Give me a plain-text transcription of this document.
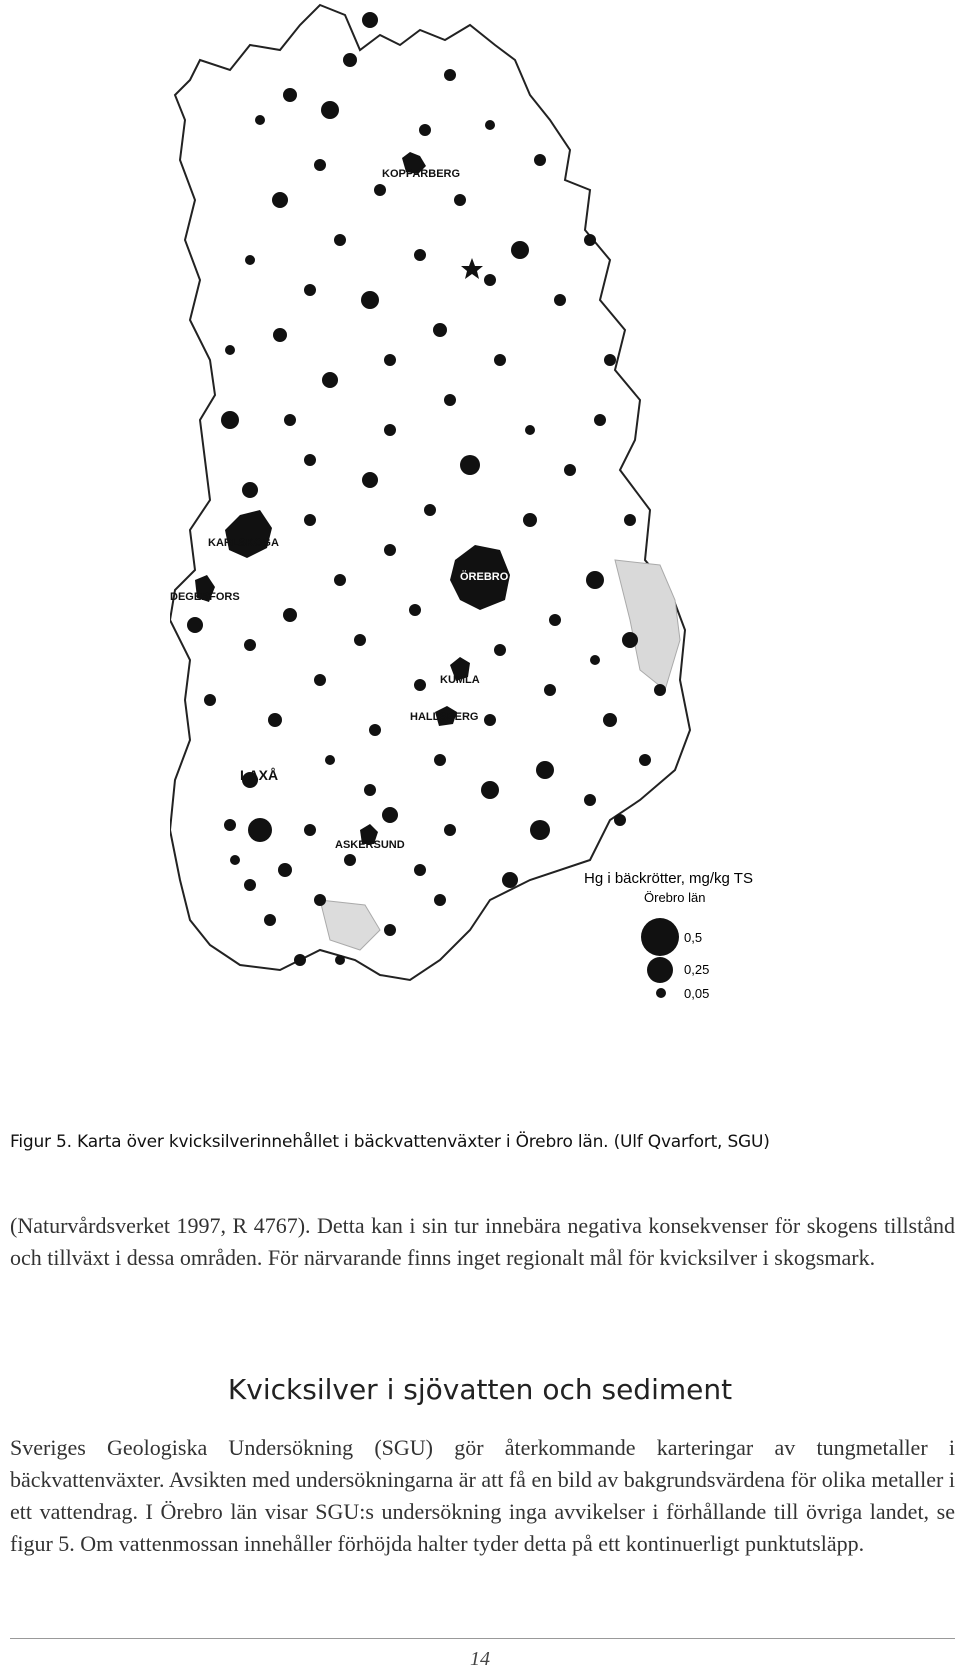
KOPPARBERG
KARLSKOGA
DEGERFORS
ÖREBRO
KUMLA
HALLSBERG
LAXÅ
ASKERSUND
Hg i bäckrötter, mg/kg TS
Örebro län
0,5
0,25
0,05
Figur 5. Karta över kvicksilverinnehållet i bäckvattenväxter i Örebro län. (Ulf Qvarfort, SGU)
(Naturvårdsverket 1997, R 4767). Detta kan i sin tur innebära negativa konsekvenser för skogens tillstånd och tillväxt i dessa områden. För närvarande finns inget regionalt mål för kvicksilver i skogsmark.
Kvicksilver i sjövatten och sediment
Sveriges Geologiska Undersökning (SGU) gör återkommande karteringar av tungmetaller i bäckvattenväxter. Avsikten med undersökningarna är att få en bild av bakgrundsvärdena för olika metaller i ett vattendrag. I Örebro län visar SGU:s undersökning inga avvikelser i förhållande till övriga landet, se figur 5. Om vattenmossan innehåller förhöjda halter tyder detta på ett kontinuerligt punktutsläpp.
14
